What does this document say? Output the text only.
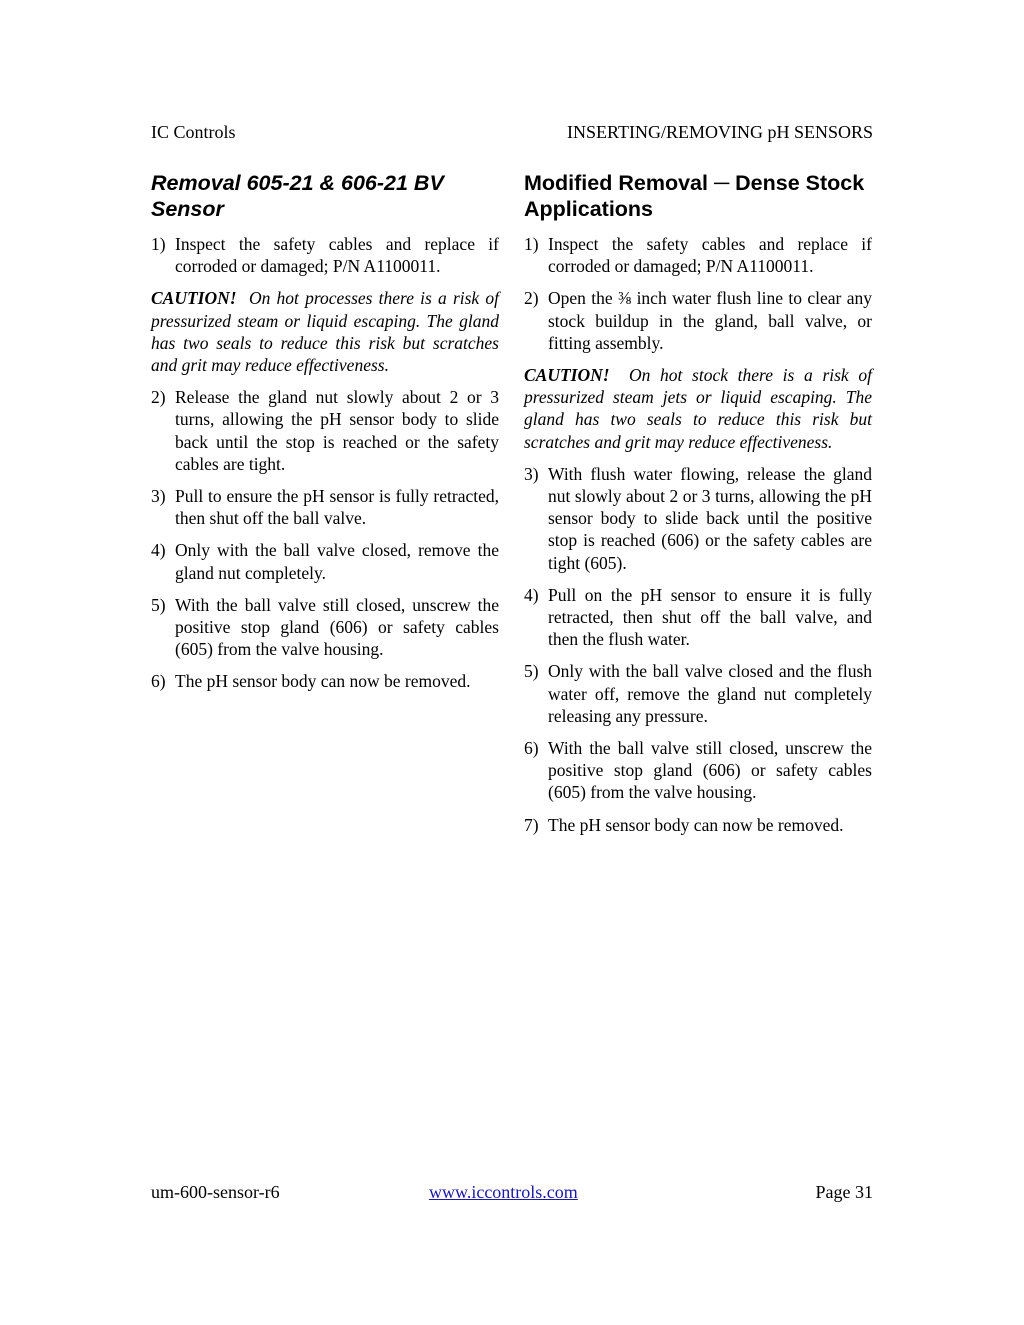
IC Controls	INSERTING/REMOVING pH SENSORS
Removal 605-21 & 606-21 BV Sensor
1) Inspect the safety cables and replace if corroded or damaged; P/N A1100011.

CAUTION! On hot processes there is a risk of pressurized steam or liquid escaping. The gland has two seals to reduce this risk but scratches and grit may reduce effectiveness.

2) Release the gland nut slowly about 2 or 3 turns, allowing the pH sensor body to slide back until the stop is reached or the safety cables are tight.
3) Pull to ensure the pH sensor is fully retracted, then shut off the ball valve.
4) Only with the ball valve closed, remove the gland nut completely.
5) With the ball valve still closed, unscrew the positive stop gland (606) or safety cables (605) from the valve housing.
6) The pH sensor body can now be removed.
Modified Removal ─ Dense Stock Applications
1) Inspect the safety cables and replace if corroded or damaged; P/N A1100011.
2) Open the ⅜ inch water flush line to clear any stock buildup in the gland, ball valve, or fitting assembly.

CAUTION! On hot stock there is a risk of pressurized steam jets or liquid escaping. The gland has two seals to reduce this risk but scratches and grit may reduce effectiveness.

3) With flush water flowing, release the gland nut slowly about 2 or 3 turns, allowing the pH sensor body to slide back until the positive stop is reached (606) or the safety cables are tight (605).
4) Pull on the pH sensor to ensure it is fully retracted, then shut off the ball valve, and then the flush water.
5) Only with the ball valve closed and the flush water off, remove the gland nut completely releasing any pressure.
6) With the ball valve still closed, unscrew the positive stop gland (606) or safety cables (605) from the valve housing.
7) The pH sensor body can now be removed.
um-600-sensor-r6	www.iccontrols.com	Page 31
